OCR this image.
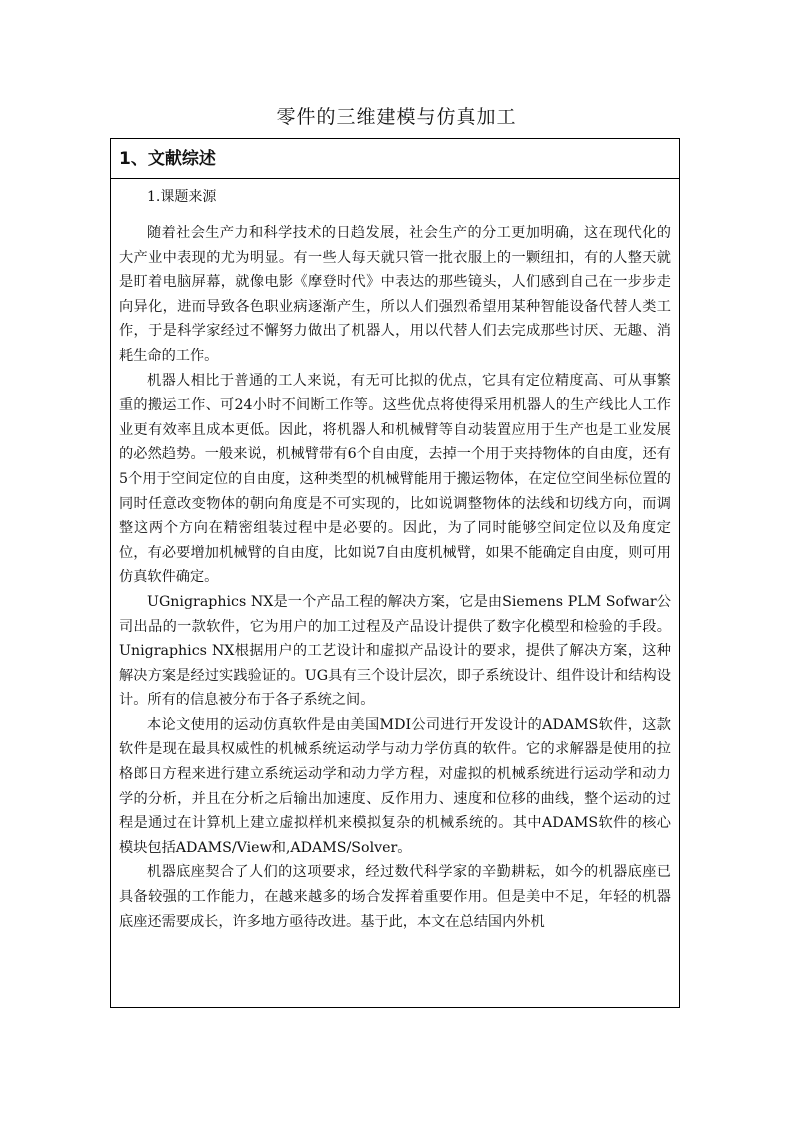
零件的三维建模与仿真加工
1、文献综述

1.课题来源

随着社会生产力和科学技术的日趋发展，社会生产的分工更加明确，这在现代化的大产业中表现的尤为明显。有一些人每天就只管一批衣服上的一颗纽扣，有的人整天就是盯着电脑屏幕，就像电影《摩登时代》中表达的那些镜头，人们感到自己在一步步走向异化，进而导致各色职业病逐渐产生，所以人们强烈希望用某种智能设备代替人类工作，于是科学家经过不懈努力做出了机器人，用以代替人们去完成那些讨厌、无趣、消耗生命的工作。

机器人相比于普通的工人来说，有无可比拟的优点，它具有定位精度高、可从事繁重的搬运工作、可24小时不间断工作等。这些优点将使得采用机器人的生产线比人工作业更有效率且成本更低。因此，将机器人和机械臂等自动装置应用于生产也是工业发展的必然趋势。一般来说，机械臂带有6个自由度，去掉一个用于夹持物体的自由度，还有5个用于空间定位的自由度，这种类型的机械臂能用于搬运物体，在定位空间坐标位置的同时任意改变物体的朝向角度是不可实现的，比如说调整物体的法线和切线方向，而调整这两个方向在精密组装过程中是必要的。因此，为了同时能够空间定位以及角度定位，有必要增加机械臂的自由度，比如说7自由度机械臂，如果不能确定自由度，则可用仿真软件确定。

UGnigraphics NX是一个产品工程的解决方案，它是由Siemens PLM Sofwar公 司出品的一款软件，它为用户的加工过程及产品设计提供了数字化模型和检验的手段。Unigraphics NX根据用户的工艺设计和虚拟产品设计的要求，提供了解决方案，这种解决方案是经过实践验证的。UG具有三个设计层次，即子系统设计、组件设计和结构设计。所有的信息被分布于各子系统之间。

本论文使用的运动仿真软件是由美国MDI公司进行开发设计的ADAMS软件，这款软件是现在最具权威性的机械系统运动学与动力学仿真的软件。它的求解器是使用的拉格郎日方程来进行建立系统运动学和动力学方程，对虚拟的机械系统进行运动学和动力学的分析，并且在分析之后输出加速度、反作用力、速度和位移的曲线，整个运动的过程是通过在计算机上建立虚拟样机来模拟复杂的机械系统的。其中ADAMS软件的核心模块包括ADAMS/View和,ADAMS/Solver。

机器底座契合了人们的这项要求，经过数代科学家的辛勤耕耘，如今的机器底座已具备较强的工作能力，在越来越多的场合发挥着重要作用。但是美中不足，年轻的机器底座还需要成长，许多地方亟待改进。基于此，本文在总结国内外机
